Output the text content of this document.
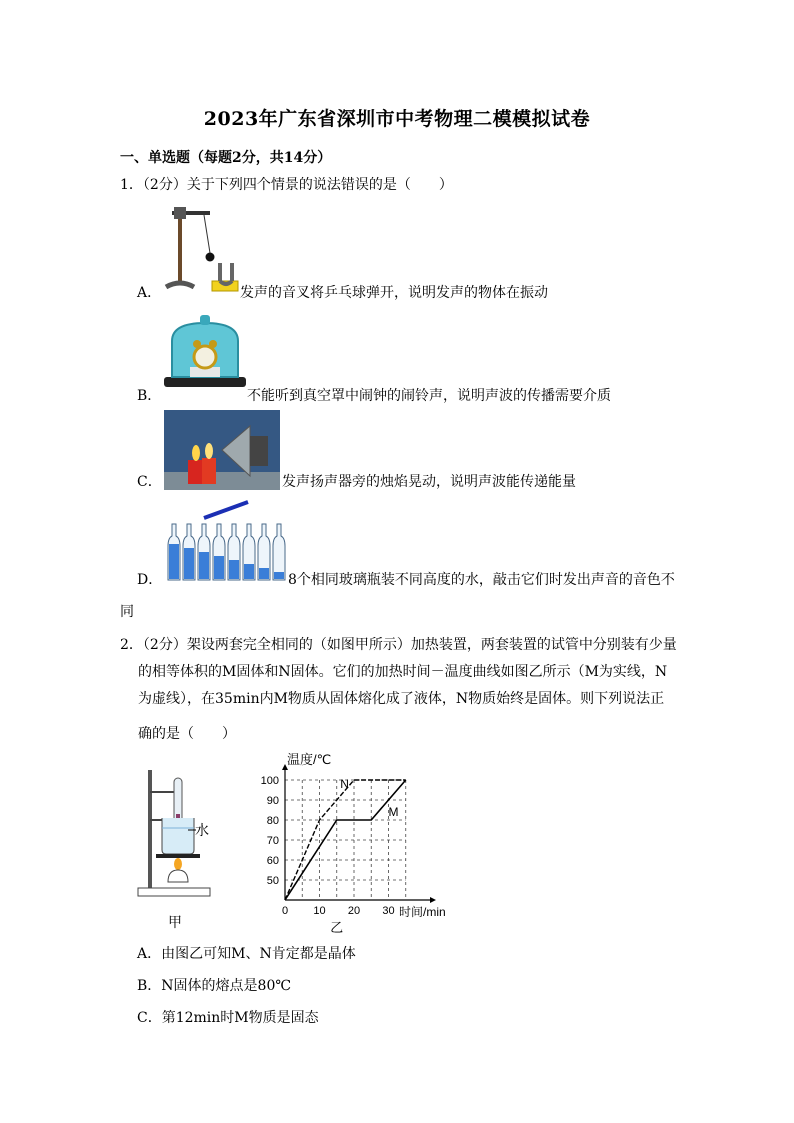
2023年广东省深圳市中考物理二模模拟试卷
一、单选题（每题2分，共14分）
1．（2分）关于下列四个情景的说法错误的是（　　）
A．	发声的音叉将乒乓球弹开，说明发声的物体在振动
B．	不能听到真空罩中闹钟的闹铃声，说明声波的传播需要介质
C．	发声扬声器旁的烛焰晃动，说明声波能传递能量
D．	8个相同玻璃瓶装不同高度的水，敲击它们时发出声音的音色不
同
2．（2分）架设两套完全相同的（如图甲所示）加热装置，两套装置的试管中分别装有少量
的相等体积的M固体和N固体。它们的加热时间－温度曲线如图乙所示（M为实线，N
为虚线），在35min内M物质从固体熔化成了液体，N物质始终是固体。则下列说法正
确的是（　　）
水
甲
温度/℃
时间/min
0 10 20 30
50
60
70
80
90
100	N
M
乙
A．由图乙可知M、N肯定都是晶体
B．N固体的熔点是80℃
C．第12min时M物质是固态
